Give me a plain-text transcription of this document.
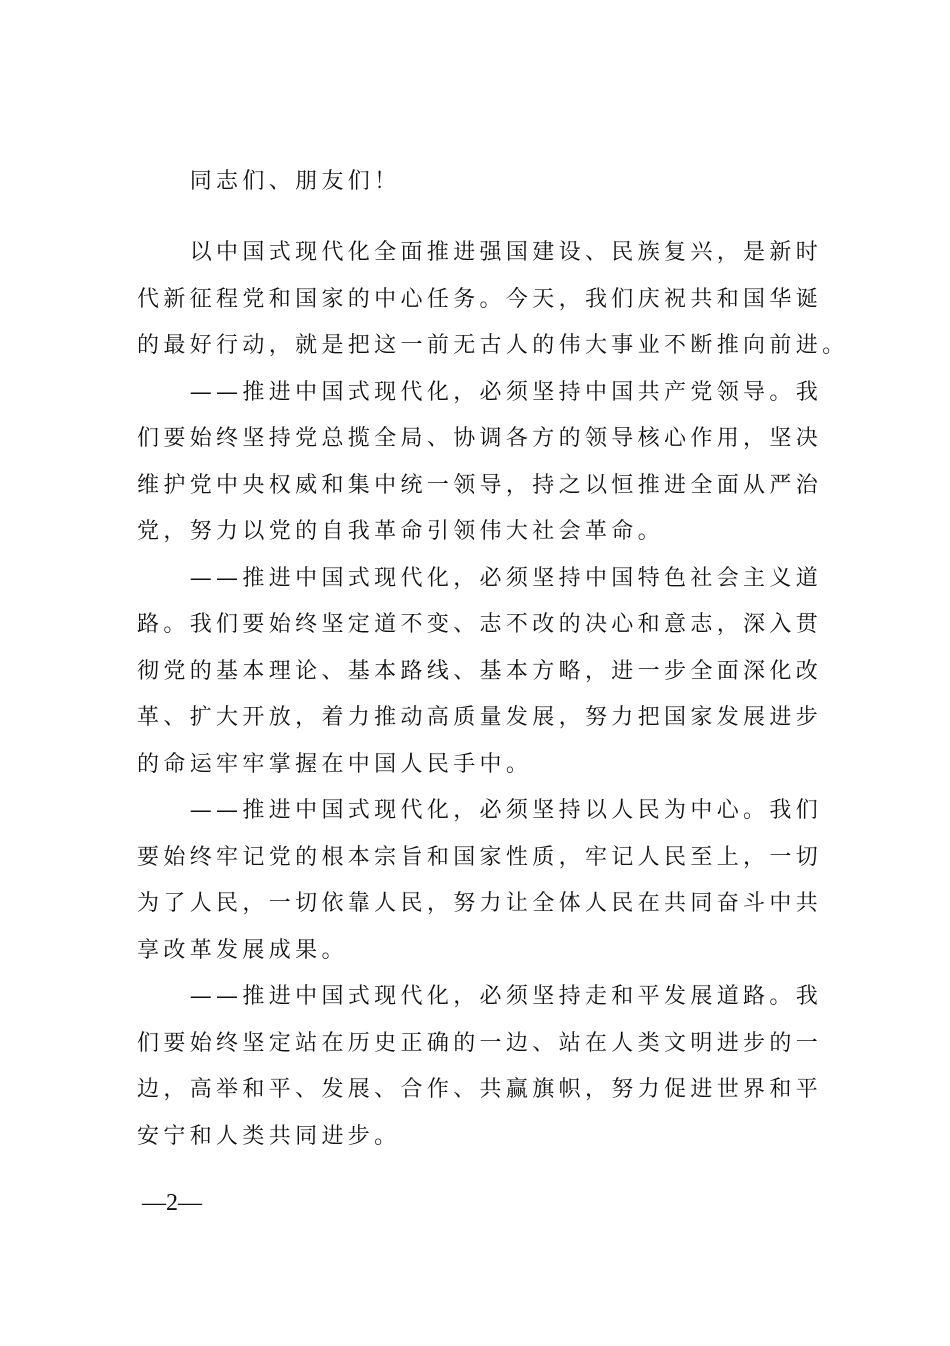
同志们、朋友们！
以中国式现代化全面推进强国建设、民族复兴，是新时
代新征程党和国家的中心任务。今天，我们庆祝共和国华诞
的最好行动，就是把这一前无古人的伟大事业不断推向前进。
——推进中国式现代化，必须坚持中国共产党领导。我
们要始终坚持党总揽全局、协调各方的领导核心作用，坚决
维护党中央权威和集中统一领导，持之以恒推进全面从严治
党，努力以党的自我革命引领伟大社会革命。
——推进中国式现代化，必须坚持中国特色社会主义道
路。我们要始终坚定道不变、志不改的决心和意志，深入贯
彻党的基本理论、基本路线、基本方略，进一步全面深化改
革、扩大开放，着力推动高质量发展，努力把国家发展进步
的命运牢牢掌握在中国人民手中。
——推进中国式现代化，必须坚持以人民为中心。我们
要始终牢记党的根本宗旨和国家性质，牢记人民至上，一切
为了人民，一切依靠人民，努力让全体人民在共同奋斗中共
享改革发展成果。
——推进中国式现代化，必须坚持走和平发展道路。我
们要始终坚定站在历史正确的一边、站在人类文明进步的一
边，高举和平、发展、合作、共赢旗帜，努力促进世界和平
安宁和人类共同进步。
—2—
